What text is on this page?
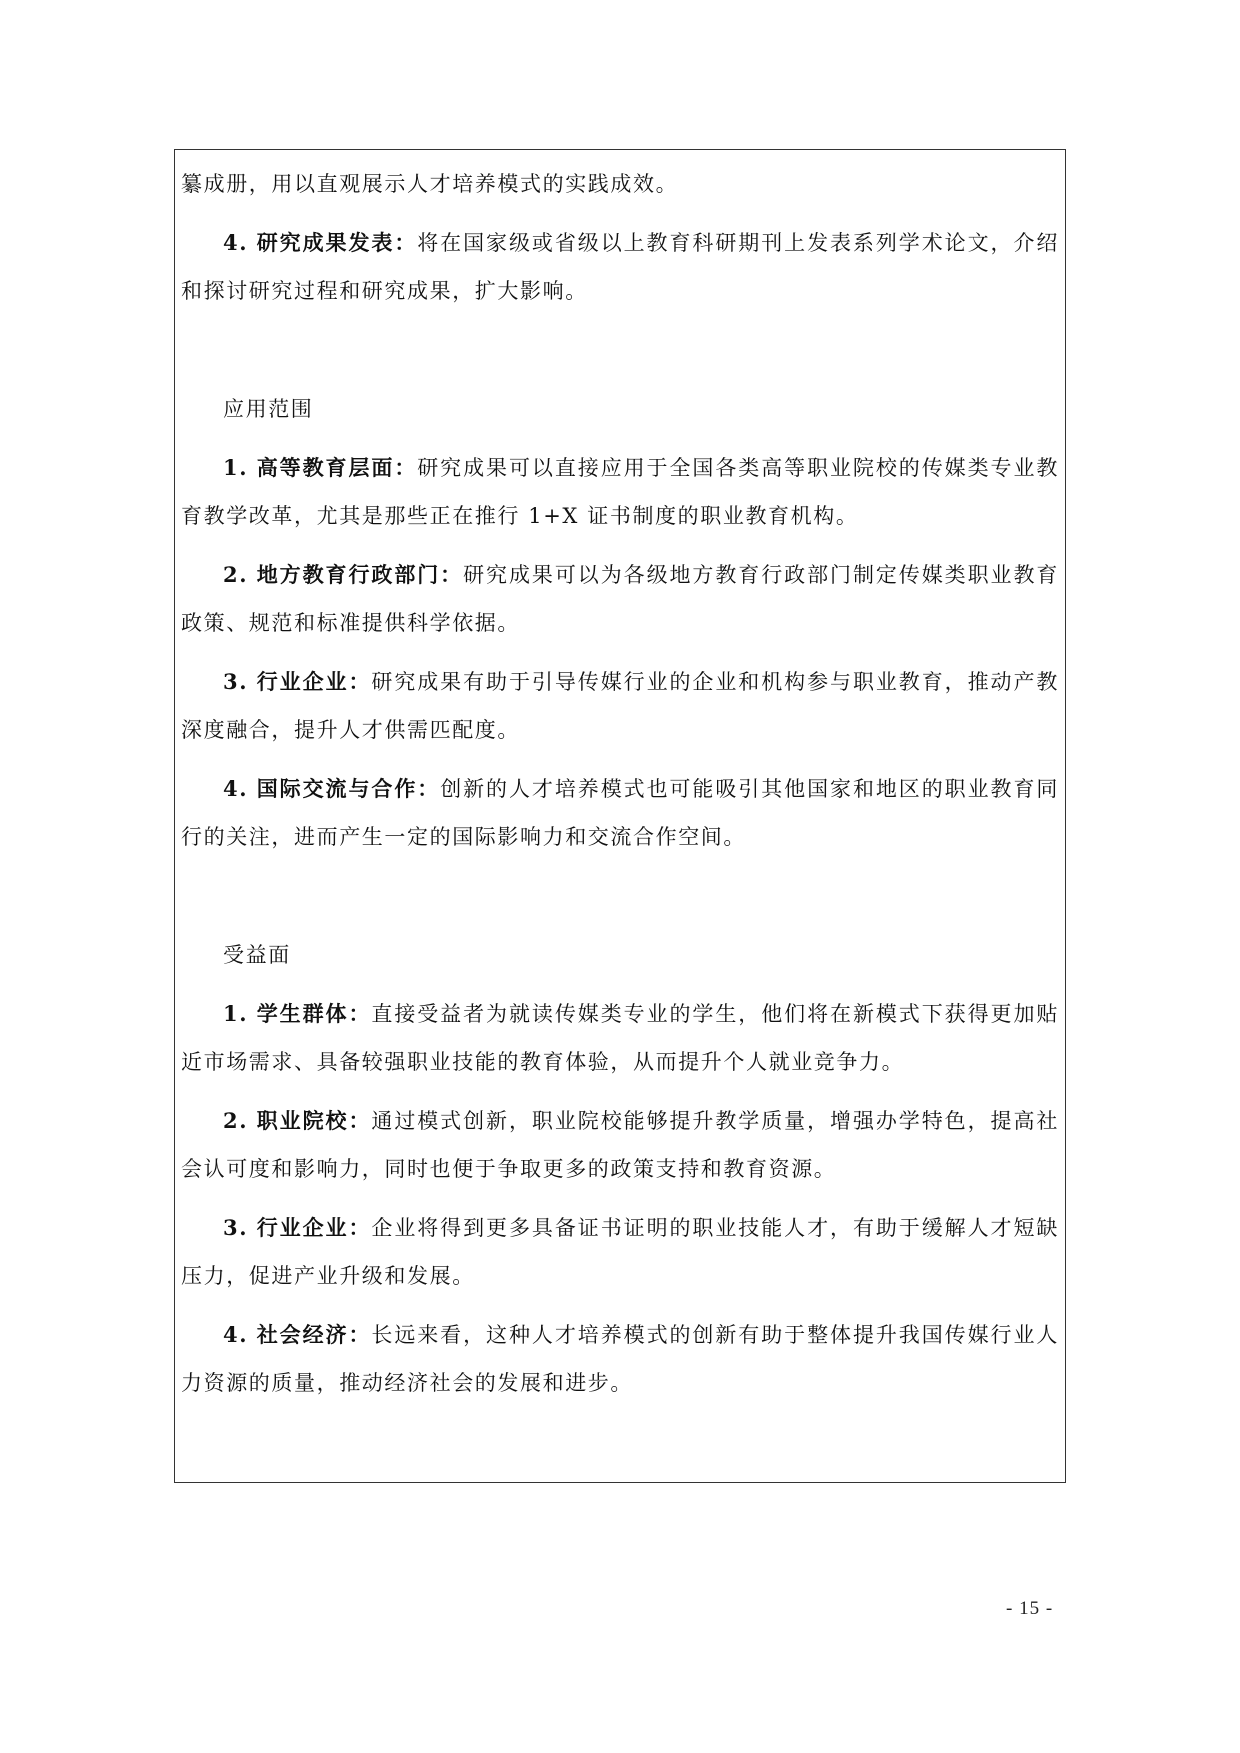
纂成册，用以直观展示人才培养模式的实践成效。

4. 研究成果发表：将在国家级或省级以上教育科研期刊上发表系列学术论文，介绍和探讨研究过程和研究成果，扩大影响。

应用范围

1. 高等教育层面：研究成果可以直接应用于全国各类高等职业院校的传媒类专业教育教学改革，尤其是那些正在推行 1+X 证书制度的职业教育机构。

2. 地方教育行政部门：研究成果可以为各级地方教育行政部门制定传媒类职业教育政策、规范和标准提供科学依据。

3. 行业企业：研究成果有助于引导传媒行业的企业和机构参与职业教育，推动产教深度融合，提升人才供需匹配度。

4. 国际交流与合作：创新的人才培养模式也可能吸引其他国家和地区的职业教育同行的关注，进而产生一定的国际影响力和交流合作空间。

受益面

1. 学生群体：直接受益者为就读传媒类专业的学生，他们将在新模式下获得更加贴近市场需求、具备较强职业技能的教育体验，从而提升个人就业竞争力。

2. 职业院校：通过模式创新，职业院校能够提升教学质量，增强办学特色，提高社会认可度和影响力，同时也便于争取更多的政策支持和教育资源。

3. 行业企业：企业将得到更多具备证书证明的职业技能人才，有助于缓解人才短缺压力，促进产业升级和发展。

4. 社会经济：长远来看，这种人才培养模式的创新有助于整体提升我国传媒行业人力资源的质量，推动经济社会的发展和进步。

- 15 -
